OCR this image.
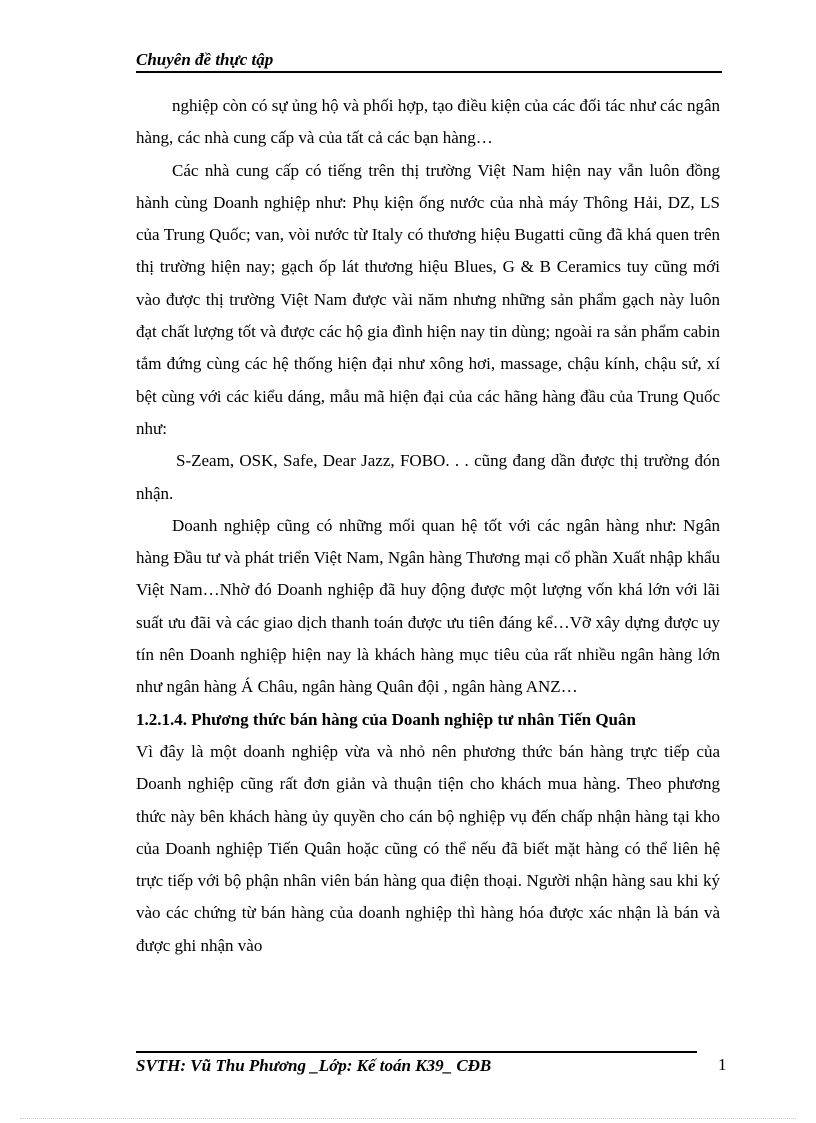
Chuyên đề thực tập

nghiệp còn có sự ủng hộ và phối hợp, tạo điều kiện của các đối tác như các ngân hàng, các nhà cung cấp và của tất cả các bạn hàng…

Các nhà cung cấp có tiếng trên thị trường Việt Nam hiện nay vẫn luôn đồng hành cùng Doanh nghiệp như: Phụ kiện ống nước của nhà máy Thông Hải, DZ, LS của Trung Quốc; van, vòi nước từ Italy có thương hiệu Bugatti cũng đã khá quen trên thị trường hiện nay; gạch ốp lát thương hiệu Blues, G & B Ceramics tuy cũng mới vào được thị trường Việt Nam được vài năm nhưng những sản phẩm gạch này luôn đạt chất lượng tốt và được các hộ gia đình hiện nay tin dùng; ngoài ra sản phẩm cabin tắm đứng cùng các hệ thống hiện đại như xông hơi, massage, chậu kính, chậu sứ, xí bệt cùng với các kiểu dáng, mẫu mã hiện đại của các hãng hàng đầu của Trung Quốc như:

S-Zeam, OSK, Safe, Dear Jazz, FOBO. . . cũng đang dần được thị trường đón nhận.

Doanh nghiệp cũng có những mối quan hệ tốt với các ngân hàng như: Ngân hàng Đầu tư và phát triển Việt Nam, Ngân hàng Thương mại cổ phần Xuất nhập khẩu Việt Nam…Nhờ đó Doanh nghiệp đã huy động được một lượng vốn khá lớn với lãi suất ưu đãi và các giao dịch thanh toán được ưu tiên đáng kể…Vỡ xây dựng được uy tín nên Doanh nghiệp hiện nay là khách hàng mục tiêu của rất nhiều ngân hàng lớn như ngân hàng Á Châu, ngân hàng Quân đội , ngân hàng ANZ…

1.2.1.4. Phương thức bán hàng của Doanh nghiệp tư nhân Tiến Quân

Vì đây là một doanh nghiệp vừa và nhỏ nên phương thức bán hàng trực tiếp của Doanh nghiệp cũng rất đơn giản và thuận tiện cho khách mua hàng. Theo phương thức này bên khách hàng ủy quyền cho cán bộ nghiệp vụ đến chấp nhận hàng tại kho của Doanh nghiệp Tiến Quân hoặc cũng có thể nếu đã biết mặt hàng có thể liên hệ trực tiếp với bộ phận nhân viên bán hàng qua điện thoại. Người nhận hàng sau khi ký vào các chứng từ bán hàng của doanh nghiệp thì hàng hóa được xác nhận là bán và được ghi nhận vào

SVTH: Vũ Thu Phương _Lớp: Kế toán K39_ CĐB	1
